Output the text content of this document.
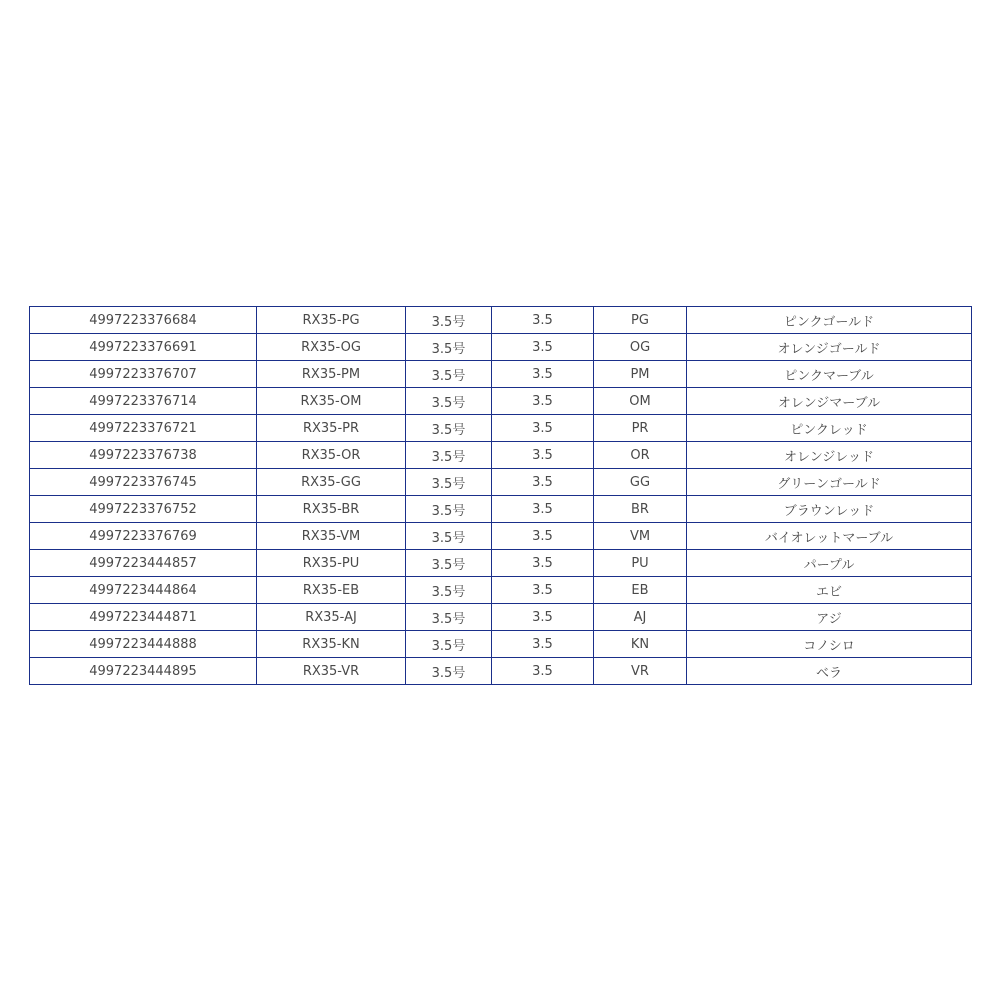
4997223376684	RX35-PG	3.5号	3.5	PG	ピンクゴールド
4997223376691	RX35-OG	3.5号	3.5	OG	オレンジゴールド
4997223376707	RX35-PM	3.5号	3.5	PM	ピンクマーブル
4997223376714	RX35-OM	3.5号	3.5	OM	オレンジマーブル
4997223376721	RX35-PR	3.5号	3.5	PR	ピンクレッド
4997223376738	RX35-OR	3.5号	3.5	OR	オレンジレッド
4997223376745	RX35-GG	3.5号	3.5	GG	グリーンゴールド
4997223376752	RX35-BR	3.5号	3.5	BR	ブラウンレッド
4997223376769	RX35-VM	3.5号	3.5	VM	バイオレットマーブル
4997223444857	RX35-PU	3.5号	3.5	PU	パープル
4997223444864	RX35-EB	3.5号	3.5	EB	エビ
4997223444871	RX35-AJ	3.5号	3.5	AJ	アジ
4997223444888	RX35-KN	3.5号	3.5	KN	コノシロ
4997223444895	RX35-VR	3.5号	3.5	VR	ベラ
